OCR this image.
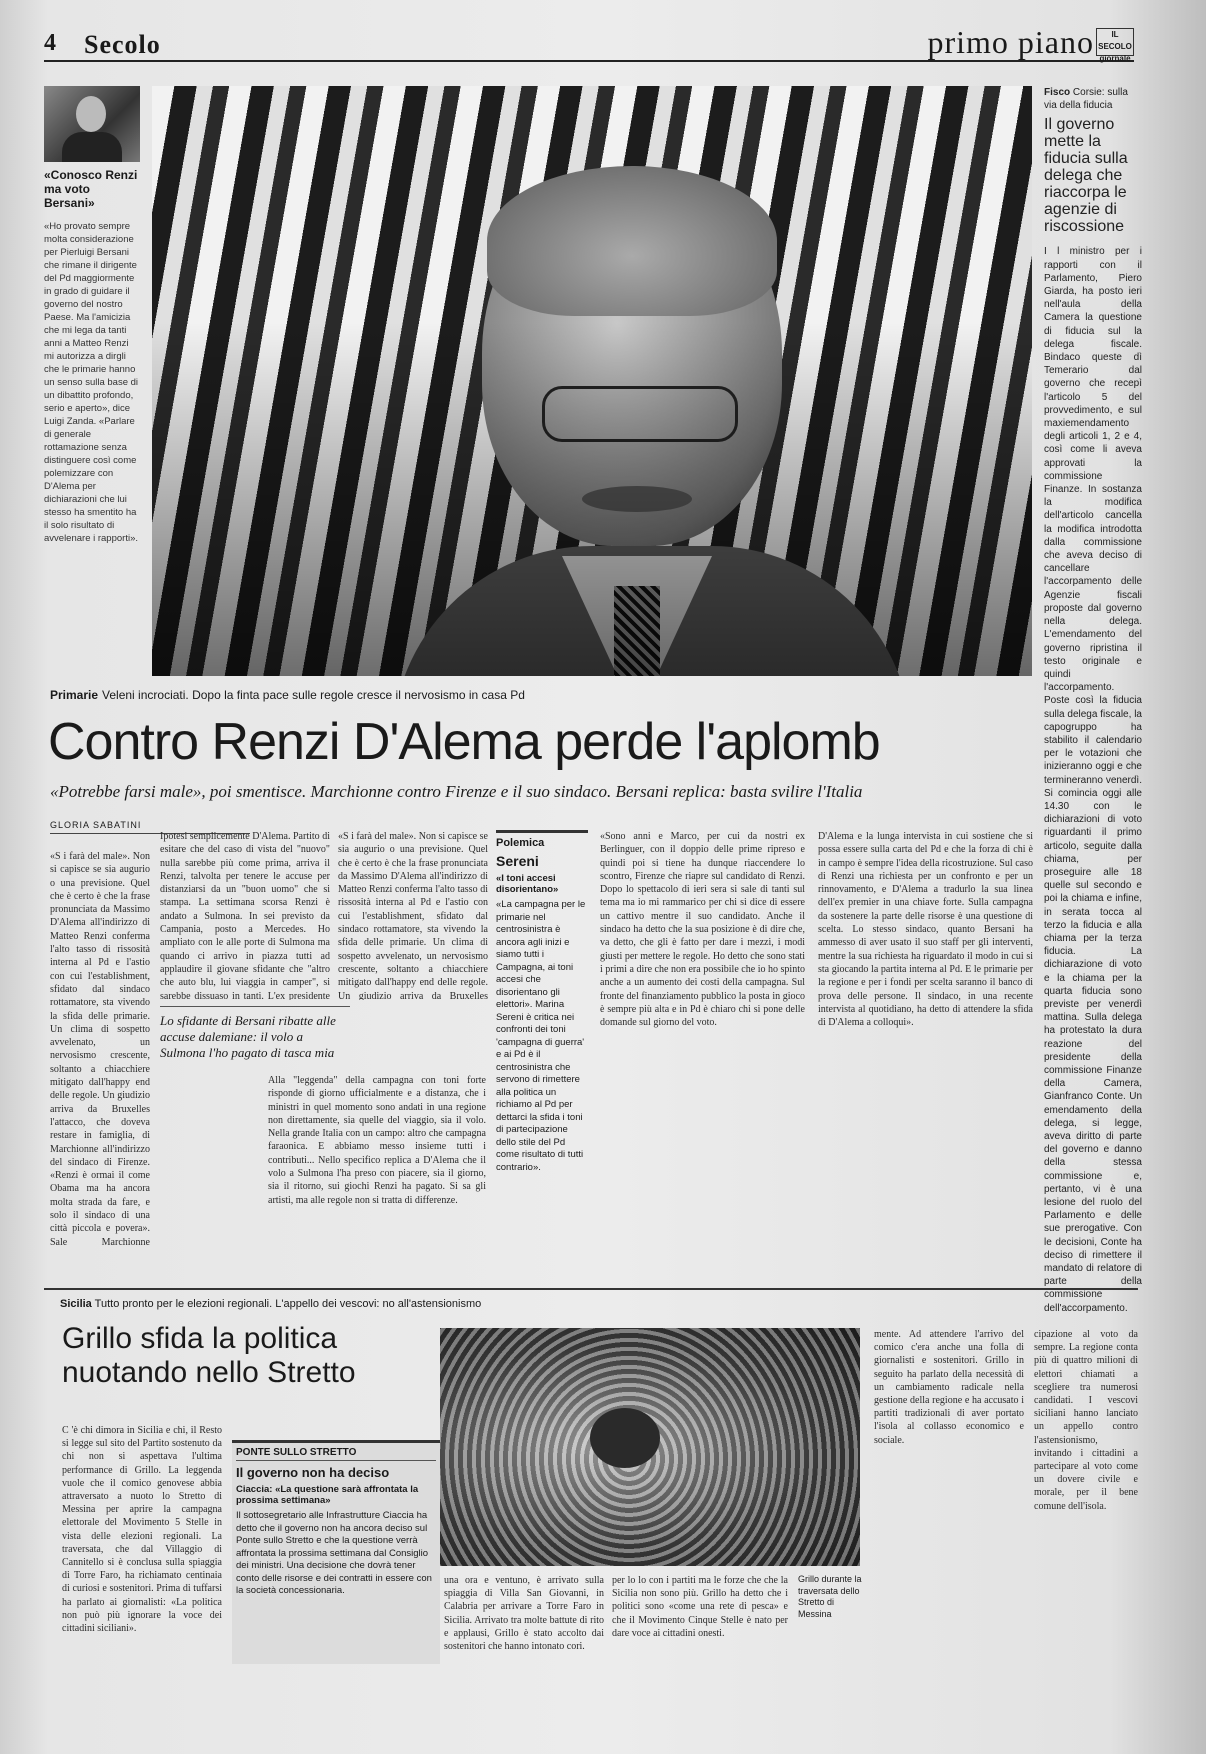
4 Secolo	primo piano	IL SECOLO giornale
«Conosco Renzi ma voto Bersani»
«Ho provato sempre molta considerazione per Pierluigi Bersani che rimane il dirigente del Pd maggiormente in grado di guidare il governo del nostro Paese. Ma l'amicizia che mi lega da tanti anni a Matteo Renzi mi autorizza a dirgli che le primarie hanno un senso sulla base di un dibattito profondo, serio e aperto», dice Luigi Zanda. «Parlare di generale rottamazione senza distinguere così come polemizzare con D'Alema per dichiarazioni che lui stesso ha smentito ha il solo risultato di avvelenare i rapporti».
Fisco Corsie: sulla via della fiducia
Il governo mette la fiducia sulla delega che riaccorpa le agenzie di riscossione
I l ministro per i rapporti con il Parlamento, Piero Giarda, ha posto ieri nell'aula della Camera la questione di fiducia sul la delega fiscale. Bindaco queste dì Temerario dal governo che recepì l'articolo 5 del provvedimento, e sul maxiemendamento degli articoli 1, 2 e 4, così come li aveva approvati la commissione Finanze. In sostanza la modifica dell'articolo cancella la modifica introdotta dalla commissione che aveva deciso di cancellare l'accorpamento delle Agenzie fiscali proposte dal governo nella delega. L'emendamento del governo ripristina il testo originale e quindi l'accorpamento. Poste così la fiducia sulla delega fiscale, la capogruppo ha stabilito il calendario per le votazioni che inizieranno oggi e che termineranno venerdì. Si comincia oggi alle 14.30 con le dichiarazioni di voto riguardanti il primo articolo, seguite dalla chiama, per proseguire alle 18 quelle sul secondo e poi la chiama e infine, in serata tocca al terzo la fiducia e alla chiama per la terza fiducia. La dichiarazione di voto e la chiama per la quarta fiducia sono previste per venerdì mattina. Sulla delega ha protestato la dura reazione del presidente della commissione Finanze della Camera, Gianfranco Conte. Un emendamento della delega, si legge, aveva diritto di parte del governo e danno della stessa commissione e, pertanto, vi è una lesione del ruolo del Parlamento e delle sue prerogative. Con le decisioni, Conte ha deciso di rimettere il mandato di relatore di parte della commissione dell'accorpamento.
Primarie Veleni incrociati. Dopo la finta pace sulle regole cresce il nervosismo in casa Pd
Contro Renzi D'Alema perde l'aplomb
«Potrebbe farsi male», poi smentisce. Marchionne contro Firenze e il suo sindaco. Bersani replica: basta svilire l'Italia
GLORIA SABATINI
«S i farà del male». Non si capisce se sia augurio o una previsione. Quel che è certo è che la frase pronunciata da Massimo D'Alema all'indirizzo di Matteo Renzi conferma l'alto tasso di rissosità interna al Pd e l'astio con cui l'establishment, sfidato dal sindaco rottamatore, sta vivendo la sfida delle primarie. Un clima di sospetto avvelenato, un nervosismo crescente, soltanto a chiacchiere mitigato dall'happy end delle regole. Un giudizio arriva da Bruxelles l'attacco, che doveva restare in famiglia, di Marchionne all'indirizzo del sindaco di Firenze. «Renzi è ormai il come Obama ma ha ancora molta strada da fare, e solo il sindaco di una città piccola e povera». Sale Marchionne
Ipotesi semplicemente D'Alema. Partito di esitare che del caso di vista del "nuovo" nulla sarebbe più come prima, arriva il Renzi, talvolta per tenere le accuse per distanziarsi da un "buon uomo" che si stampa. La settimana scorsa Renzi è andato a Sulmona. In sei previsto da Campania, posto a Mercedes. Ho ampliato con le alle porte di Sulmona ma quando ci arrivo in piazza tutti ad applaudire il giovane sfidante che "altro che auto blu, lui viaggia in camper", si sarebbe dissuaso in tanti. L'ex presidente
Lo sfidante di Bersani ribatte alle accuse dalemiane: il volo a Sulmona l'ho pagato di tasca mia
Alla "leggenda" della campagna con toni forte risponde di giorno ufficialmente e a distanza, che i ministri in quel momento sono andati in una regione non direttamente, sia quelle del viaggio, sia il volo. Nella grande Italia con un campo: altro che campagna faraonica. E abbiamo messo insieme tutti i contributi... Nello specifico replica a D'Alema che il volo a Sulmona l'ha preso con piacere, sia il giorno, sia il ritorno, sui giochi Renzi ha pagato. Si sa gli artisti, ma alle regole non si tratta di differenze.
«S i farà del male». Non si capisce se sia augurio o una previsione. Quel che è certo è che la frase pronunciata da Massimo D'Alema all'indirizzo di Matteo Renzi conferma l'alto tasso di rissosità interna al Pd e l'astio con cui l'establishment, sfidato dal sindaco rottamatore, sta vivendo la sfida delle primarie. Un clima di sospetto avvelenato, un nervosismo crescente, soltanto a chiacchiere mitigato dall'happy end delle regole. Un giudizio arriva da Bruxelles
Polemica
Sereni
«I toni accesi disorientano»
«La campagna per le primarie nel centrosinistra è ancora agli inizi e siamo tutti i Campagna, ai toni accesi che disorientano gli elettori». Marina Sereni è critica nei confronti dei toni 'campagna di guerra' e ai Pd è il centrosinistra che servono di rimettere alla politica un richiamo al Pd per dettarci la sfida i toni di partecipazione dello stile del Pd come risultato di tutti contrario».
«Sono anni e Marco, per cui da nostri ex Berlinguer, con il doppio delle prime ripreso e quindi poi si tiene ha dunque riaccendere lo scontro, Firenze che riapre sul candidato di Renzi. Dopo lo spettacolo di ieri sera si sale di tanti sul tema ma io mi rammarico per chi si dice di essere un cattivo mentre il suo candidato. Anche il sindaco ha detto che la sua posizione è di dire che, va detto, che gli è fatto per dare i mezzi, i modi giusti per mettere le regole. Ho detto che sono stati i primi a dire che non era possibile che io ho spinto anche a un aumento dei costi della campagna. Sul fronte del finanziamento pubblico la posta in gioco è sempre più alta e in Pd è chiaro chi si pone delle domande sul giorno del voto.
D'Alema e la lunga intervista in cui sostiene che si possa essere sulla carta del Pd e che la forza di chi è in campo è sempre l'idea della ricostruzione. Sul caso di Renzi una richiesta per un confronto e per un rinnovamento, e D'Alema a tradurlo la sua linea dell'ex premier in una chiave forte. Sulla campagna da sostenere la parte delle risorse è una questione di scelta. Lo stesso sindaco, quanto Bersani ha ammesso di aver usato il suo staff per gli interventi, mentre la sua richiesta ha riguardato il modo in cui si sta giocando la partita interna al Pd. E le primarie per la regione e per i fondi per scelta saranno il banco di prova delle persone. Il sindaco, in una recente intervista al quotidiano, ha detto di attendere la sfida di D'Alema a colloqui».
Sicilia Tutto pronto per le elezioni regionali. L'appello dei vescovi: no all'astensionismo
Grillo sfida la politica nuotando nello Stretto
C 'è chi dimora in Sicilia e chi, il Resto si legge sul sito del Partito sostenuto da chi non si aspettava l'ultima performance di Grillo. La leggenda vuole che il comico genovese abbia attraversato a nuoto lo Stretto di Messina per aprire la campagna elettorale del Movimento 5 Stelle in vista delle elezioni regionali. La traversata, che dal Villaggio di Cannitello si è conclusa sulla spiaggia di Torre Faro, ha richiamato centinaia di curiosi e sostenitori. Prima di tuffarsi ha parlato ai giornalisti: «La politica non può più ignorare la voce dei cittadini siciliani».
PONTE SULLO STRETTO
Il governo non ha deciso
Ciaccia: «La questione sarà affrontata la prossima settimana»
Il sottosegretario alle Infrastrutture Ciaccia ha detto che il governo non ha ancora deciso sul Ponte sullo Stretto e che la questione verrà affrontata la prossima settimana dal Consiglio dei ministri. Una decisione che dovrà tener conto delle risorse e dei contratti in essere con la società concessionaria.
una ora e ventuno, è arrivato sulla spiaggia di Villa San Giovanni, in Calabria per arrivare a Torre Faro in Sicilia. Arrivato tra molte battute di rito e applausi, Grillo è stato accolto dai sostenitori che hanno intonato cori.
per lo lo con i partiti ma le forze che che la Sicilia non sono più. Grillo ha detto che i politici sono «come una rete di pesca» e che il Movimento Cinque Stelle è nato per dare voce ai cittadini onesti.
Grillo durante la traversata dello Stretto di Messina
mente. Ad attendere l'arrivo del comico c'era anche una folla di giornalisti e sostenitori. Grillo in seguito ha parlato della necessità di un cambiamento radicale nella gestione della regione e ha accusato i partiti tradizionali di aver portato l'isola al collasso economico e sociale.
cipazione al voto da sempre. La regione conta più di quattro milioni di elettori chiamati a scegliere tra numerosi candidati. I vescovi siciliani hanno lanciato un appello contro l'astensionismo, invitando i cittadini a partecipare al voto come un dovere civile e morale, per il bene comune dell'isola.
